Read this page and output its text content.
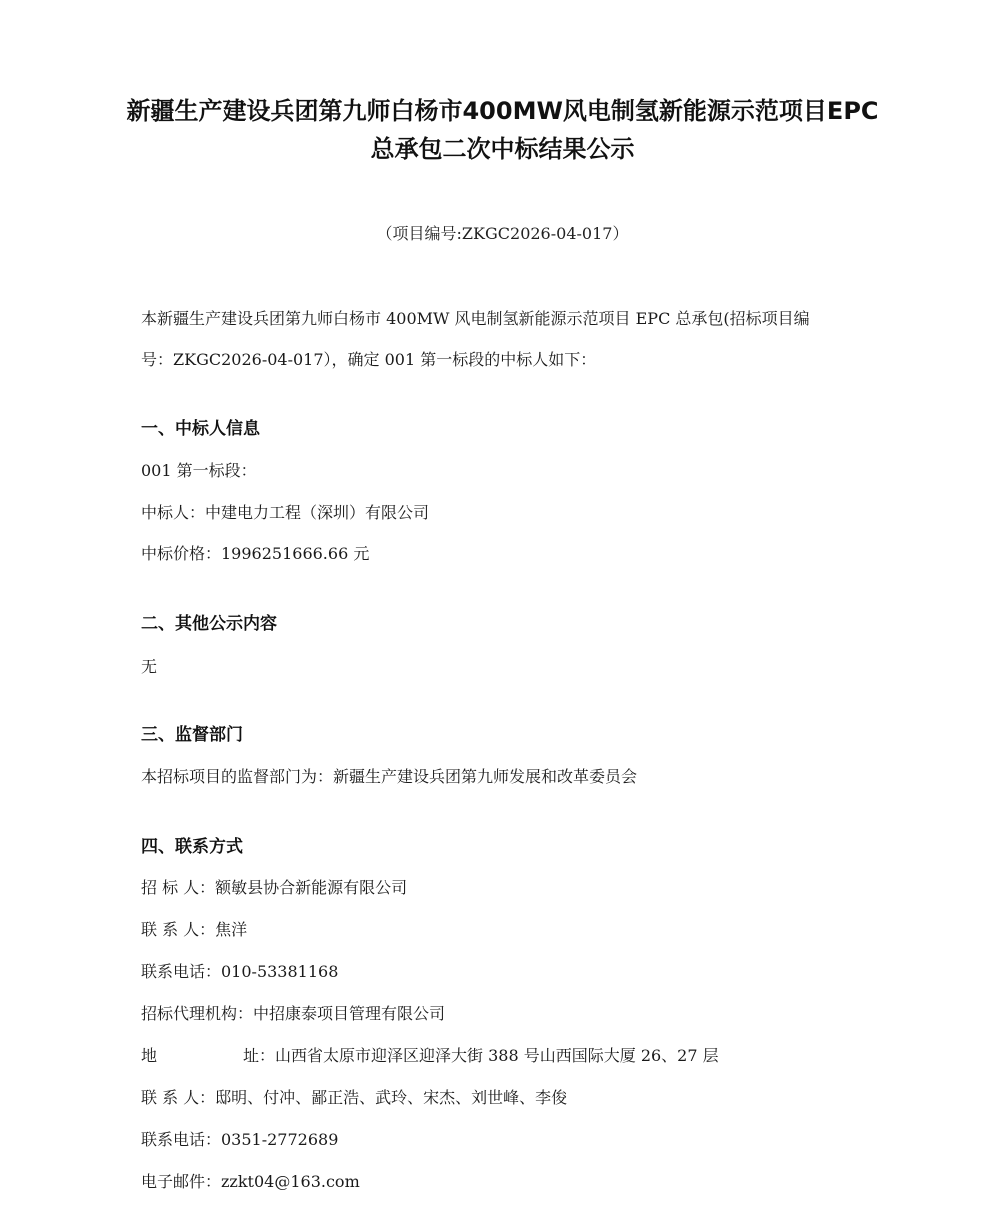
新疆生产建设兵团第九师白杨市400MW风电制氢新能源示范项目EPC
总承包二次中标结果公示
（项目编号:ZKGC2026-04-017）
本新疆生产建设兵团第九师白杨市 400MW 风电制氢新能源示范项目 EPC 总承包(招标项目编
号：ZKGC2026-04-017），确定 001 第一标段的中标人如下：
一、中标人信息
001 第一标段：
中标人：中建电力工程（深圳）有限公司
中标价格：1996251666.66 元
二、其他公示内容
无
三、监督部门
本招标项目的监督部门为：新疆生产建设兵团第九师发展和改革委员会
四、联系方式
招 标 人：额敏县协合新能源有限公司
联 系 人：焦洋
联系电话：010-53381168
招标代理机构：中招康泰项目管理有限公司
地	址：山西省太原市迎泽区迎泽大街 388 号山西国际大厦 26、27 层
联 系 人：邸明、付冲、鄙正浩、武玲、宋杰、刘世峰、李俊
联系电话：0351-2772689
电子邮件：zzkt04@163.com
